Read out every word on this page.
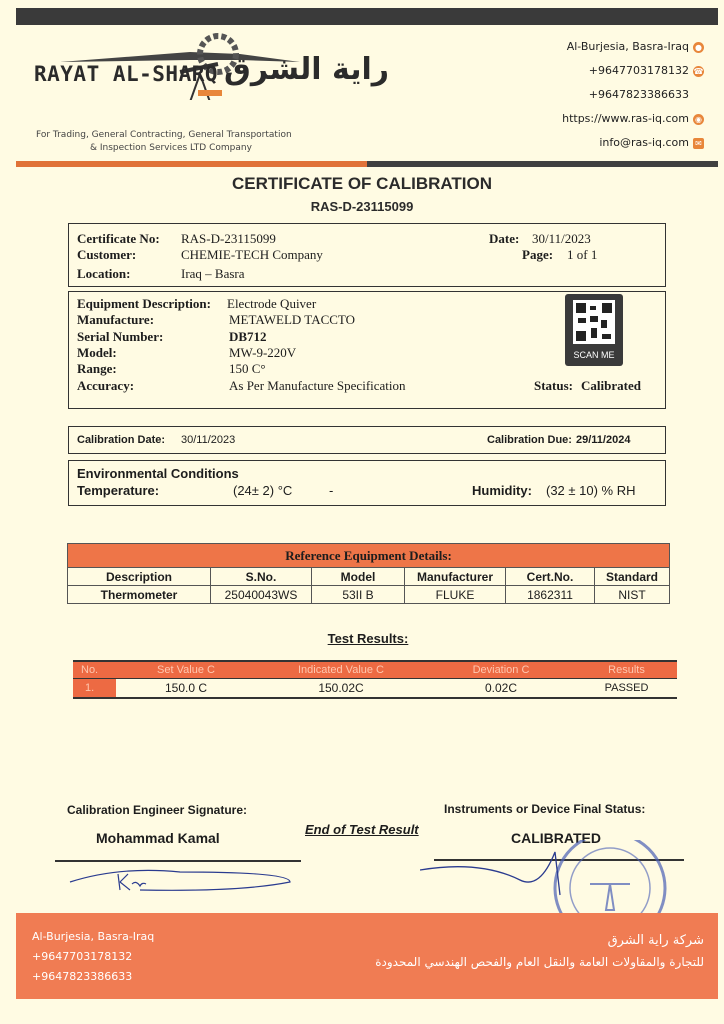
RAYAT AL-SHARQ راية الشرق
For Trading, General Contracting, General Transportation
& Inspection Services LTD Company
Al-Burjesia, Basra-Iraq ●
+9647703178132 ☎
+9647823386633
https://www.ras-iq.com ◉
info@ras-iq.com ✉
CERTIFICATE OF CALIBRATION
RAS-D-23115099
Certificate No: RAS-D-23115099
Customer:	CHEMIE-TECH Company
Location:	Iraq – Basra
Date: 30/11/2023
Page: 1 of 1
Equipment Description: Electrode Quiver
Manufacture:	METAWELD TACCTO
Serial Number:	DB712
Model:	MW-9-220V
Range:	150 C°
Accuracy:	As Per Manufacture Specification
SCAN ME
Status: Calibrated
Calibration Date: 30/11/2023	Calibration Due: 29/11/2024
Environmental Conditions
Temperature:	(24± 2) °C	-	Humidity: (32 ± 10) % RH
Reference Equipment Details:
Description	S.No.	Model	Manufacturer	Cert.No.	Standard
Thermometer	25040043WS	53II B	FLUKE	1862311	NIST
Test Results:
No.	Set Value C	Indicated Value C	Deviation C	Results
1.	150.0 C	150.02C	0.02C	PASSED
Calibration Engineer Signature:
Mohammad Kamal
End of Test Result
Instruments or Device Final Status:
CALIBRATED
Al-Burjesia, Basra-Iraq
+9647703178132
+9647823386633
شركة راية الشرق
للتجارة والمقاولات العامة والنقل العام والفحص الهندسي المحدودة
